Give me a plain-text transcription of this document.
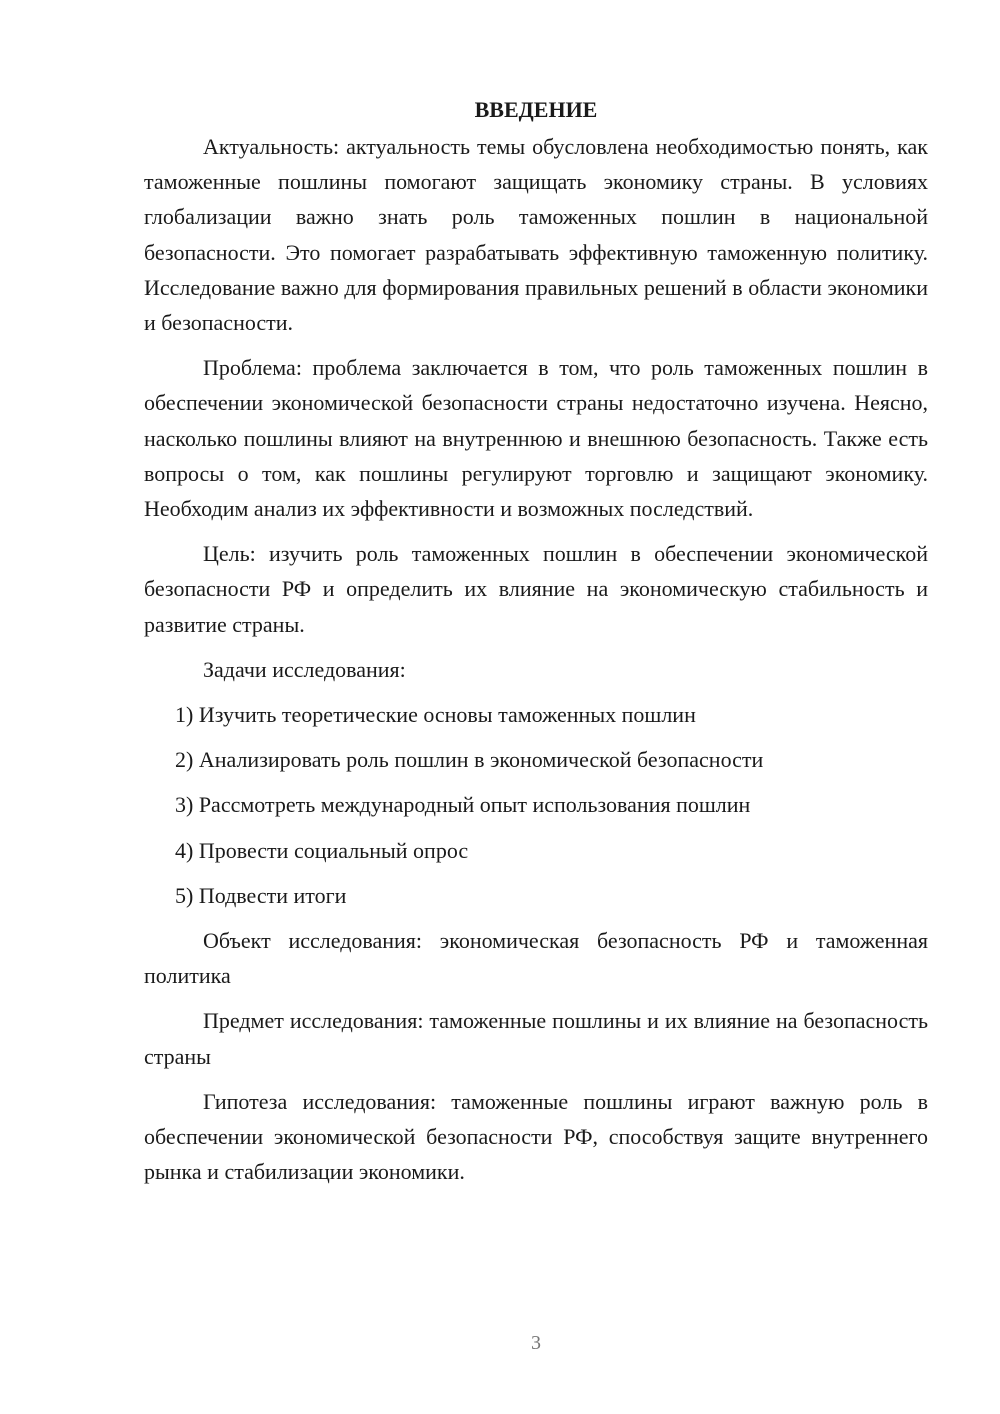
ВВЕДЕНИЕ

Актуальность: актуальность темы обусловлена необходимостью понять, как таможенные пошлины помогают защищать экономику страны. В условиях глобализации важно знать роль таможенных пошлин в национальной безопасности. Это помогает разрабатывать эффективную таможенную политику. Исследование важно для формирования правильных решений в области экономики и безопасности.

Проблема: проблема заключается в том, что роль таможенных пошлин в обеспечении экономической безопасности страны недостаточно изучена. Неясно, насколько пошлины влияют на внутреннюю и внешнюю безопасность. Также есть вопросы о том, как пошлины регулируют торговлю и защищают экономику. Необходим анализ их эффективности и возможных последствий.

Цель: изучить роль таможенных пошлин в обеспечении экономической безопасности РФ и определить их влияние на экономическую стабильность и развитие страны.

Задачи исследования:

1) Изучить теоретические основы таможенных пошлин
2) Анализировать роль пошлин в экономической безопасности
3) Рассмотреть международный опыт использования пошлин
4) Провести социальный опрос
5) Подвести итоги

Объект исследования: экономическая безопасность РФ и таможенная политика

Предмет исследования: таможенные пошлины и их влияние на безопасность страны

Гипотеза исследования: таможенные пошлины играют важную роль в обеспечении экономической безопасности РФ, способствуя защите внутреннего рынка и стабилизации экономики.

3
